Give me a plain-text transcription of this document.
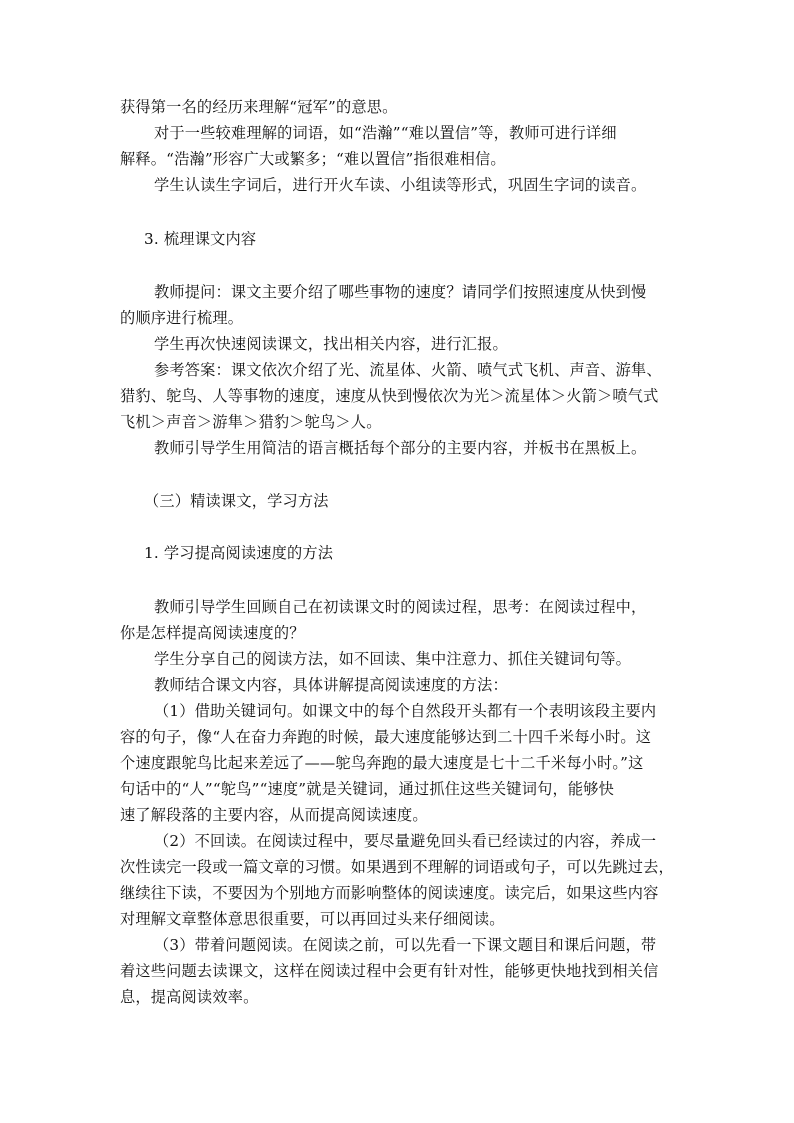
获得第一名的经历来理解“冠军”的意思。

对于一些较难理解的词语，如“浩瀚”“难以置信”等，教师可进行详细

解释。“浩瀚”形容广大或繁多；“难以置信”指很难相信。

学生认读生字词后，进行开火车读、小组读等形式，巩固生字词的读音。

3. 梳理课文内容

教师提问：课文主要介绍了哪些事物的速度？请同学们按照速度从快到慢

的顺序进行梳理。

学生再次快速阅读课文，找出相关内容，进行汇报。

参考答案：课文依次介绍了光、流星体、火箭、喷气式飞机、声音、游隼、

猎豹、鸵鸟、人等事物的速度，速度从快到慢依次为光＞流星体＞火箭＞喷气式

飞机＞声音＞游隼＞猎豹＞鸵鸟＞人。

教师引导学生用简洁的语言概括每个部分的主要内容，并板书在黑板上。

（三）精读课文，学习方法

1. 学习提高阅读速度的方法

教师引导学生回顾自己在初读课文时的阅读过程，思考：在阅读过程中，

你是怎样提高阅读速度的？

学生分享自己的阅读方法，如不回读、集中注意力、抓住关键词句等。

教师结合课文内容，具体讲解提高阅读速度的方法：

（1）借助关键词句。如课文中的每个自然段开头都有一个表明该段主要内

容的句子，像“人在奋力奔跑的时候，最大速度能够达到二十四千米每小时。这

个速度跟鸵鸟比起来差远了——鸵鸟奔跑的最大速度是七十二千米每小时。”这

句话中的“人”“鸵鸟”“速度”就是关键词，通过抓住这些关键词句，能够快

速了解段落的主要内容，从而提高阅读速度。

（2）不回读。在阅读过程中，要尽量避免回头看已经读过的内容，养成一

次性读完一段或一篇文章的习惯。如果遇到不理解的词语或句子，可以先跳过去，

继续往下读，不要因为个别地方而影响整体的阅读速度。读完后，如果这些内容

对理解文章整体意思很重要，可以再回过头来仔细阅读。

（3）带着问题阅读。在阅读之前，可以先看一下课文题目和课后问题，带

着这些问题去读课文，这样在阅读过程中会更有针对性，能够更快地找到相关信

息，提高阅读效率。
